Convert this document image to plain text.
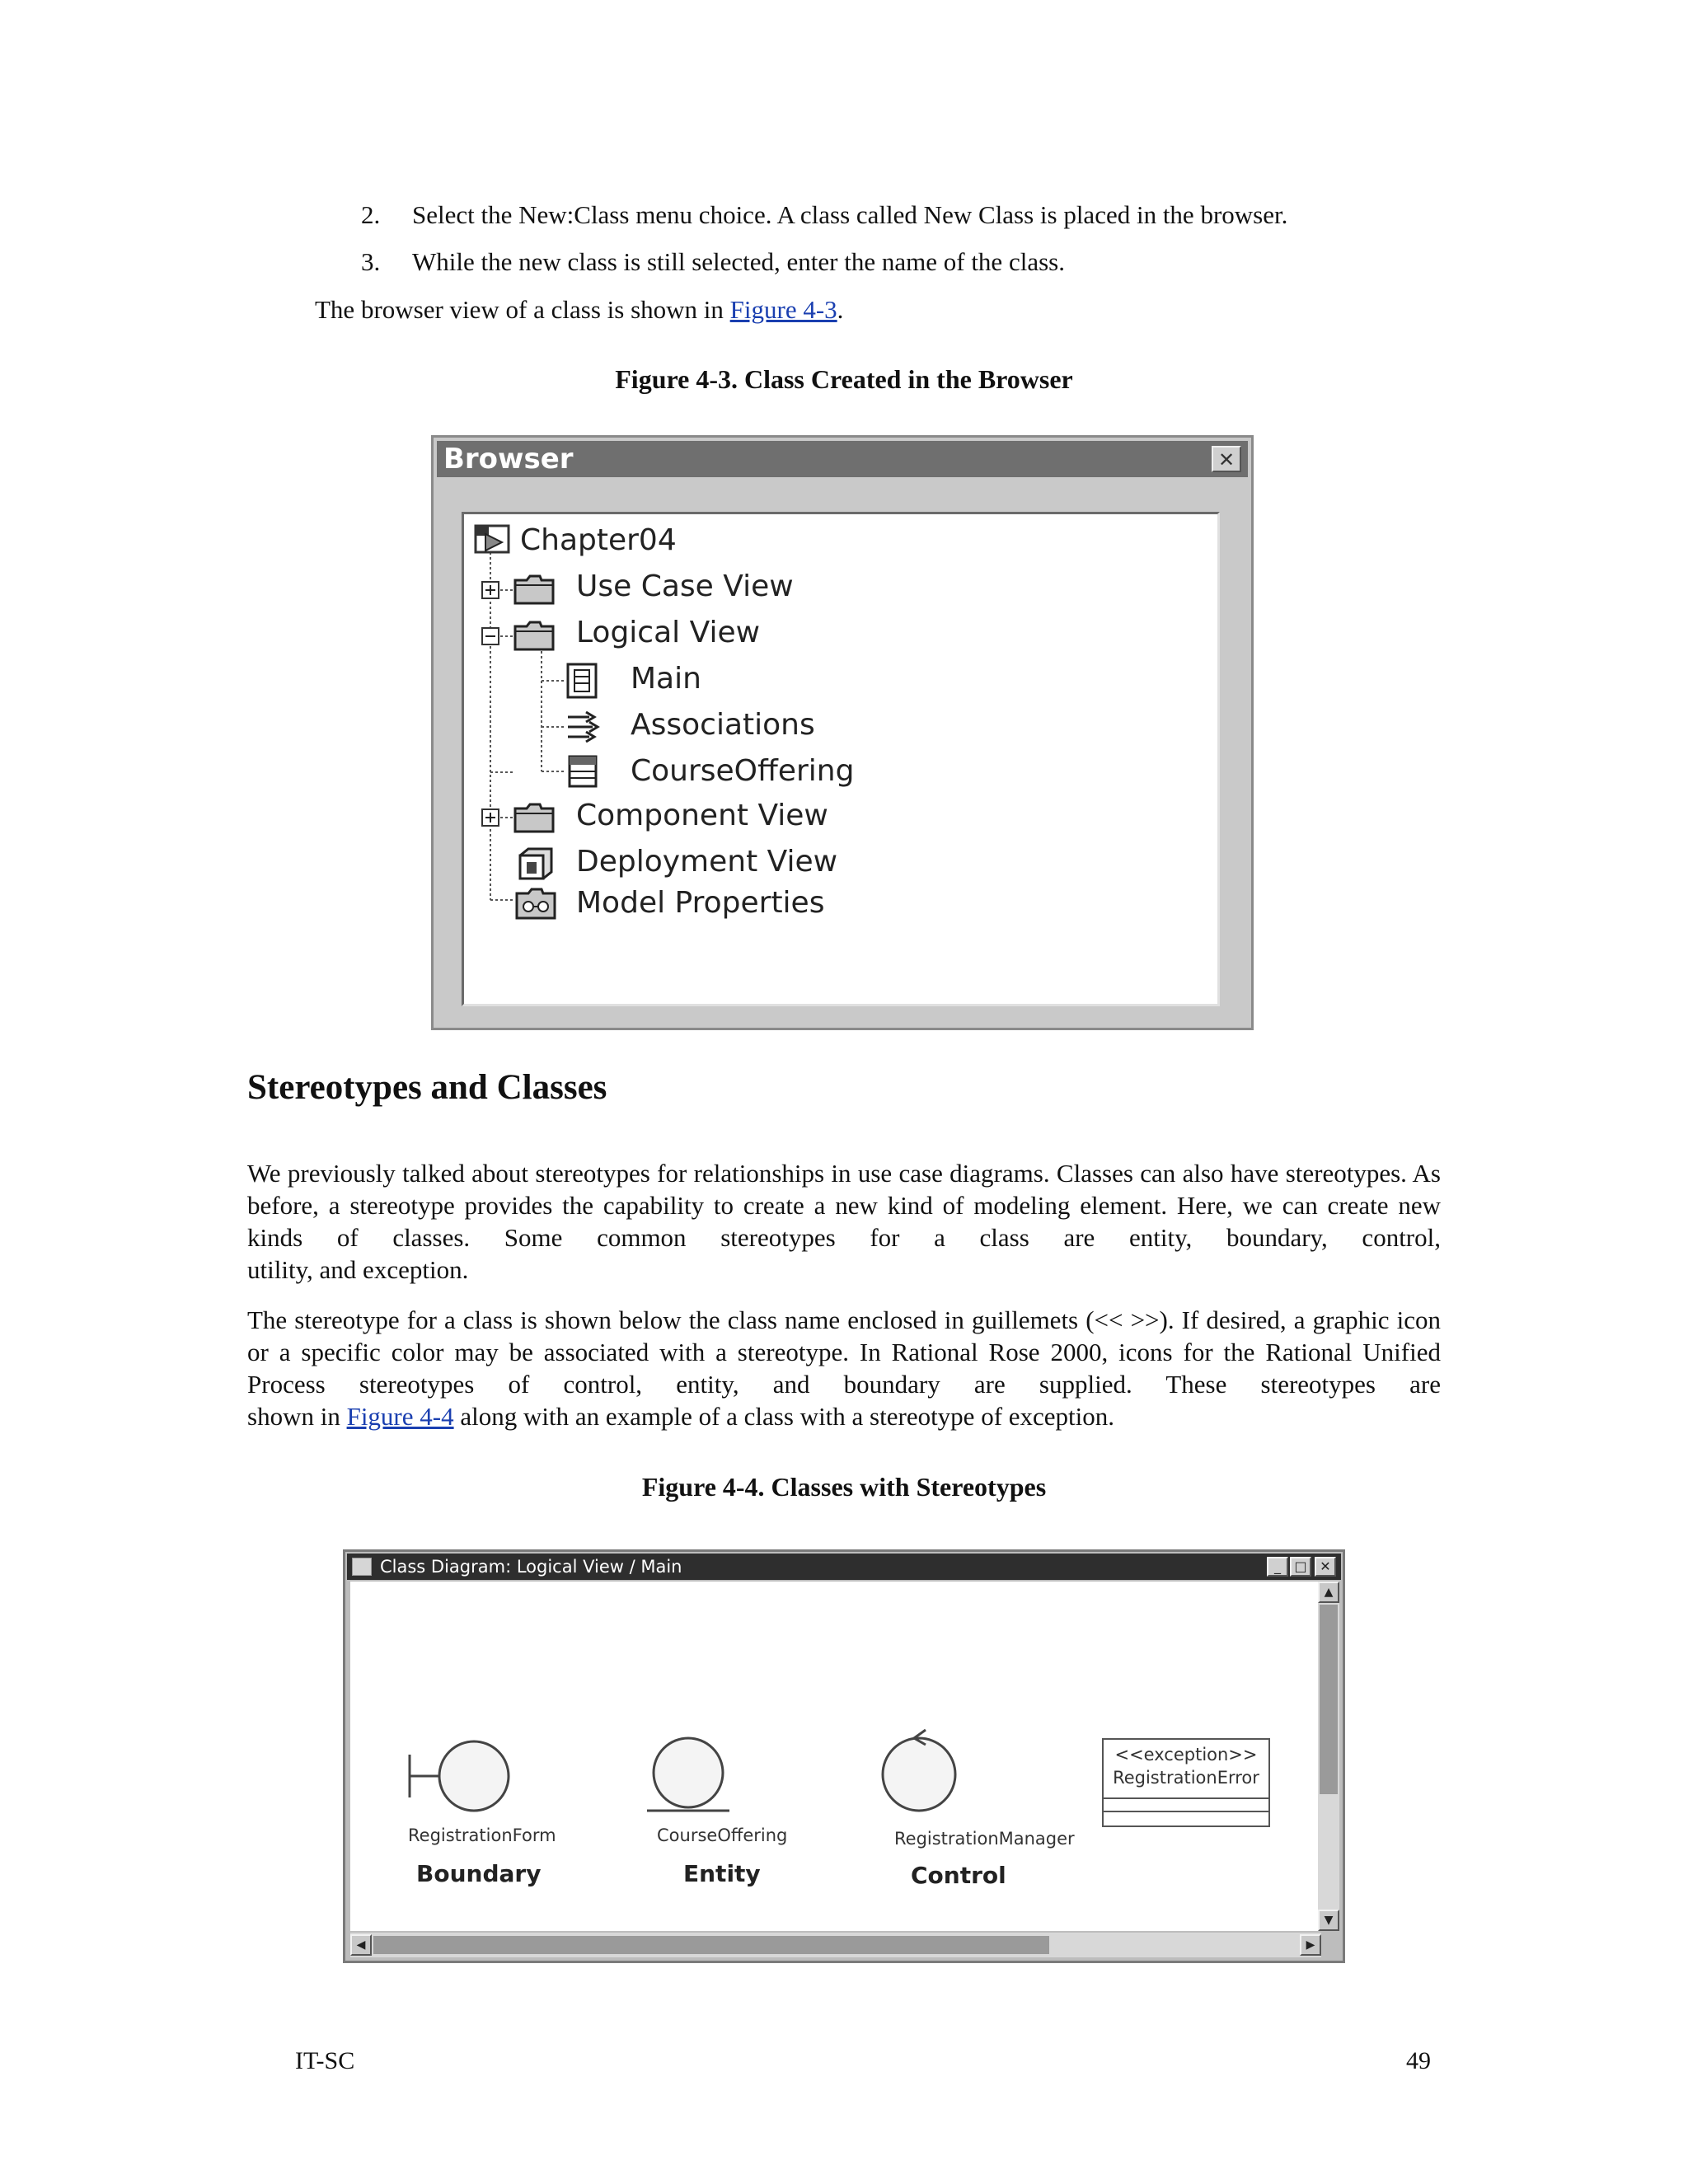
2. Select the New:Class menu choice. A class called New Class is placed in the browser.
3. While the new class is still selected, enter the name of the class.
The browser view of a class is shown in Figure 4-3.
Figure 4-3. Class Created in the Browser
Browser	✕
Chapter04
Use Case View
Logical View
Main
Associations
CourseOffering
Component View
Deployment View
Model Properties
Stereotypes and Classes
We previously talked about stereotypes for relationships in use case diagrams. Classes can also have stereotypes. As before, a stereotype provides the capability to create a new kind of modeling element. Here, we can create new kinds of classes. Some common stereotypes for a class are entity, boundary, control,
utility, and exception.
The stereotype for a class is shown below the class name enclosed in guillemets (<< >>). If desired, a graphic icon or a specific color may be associated with a stereotype. In Rational Rose 2000, icons for the Rational Unified Process stereotypes of control, entity, and boundary are supplied. These stereotypes are
shown in Figure 4-4 along with an example of a class with a stereotype of exception.
Figure 4-4. Classes with Stereotypes
Class Diagram: Logical View / Main	_	□ ✕
RegistrationForm
Boundary
CourseOffering
Entity
RegistrationManager
Control
<<exception>>
RegistrationError
▲
▼
◀	▶
IT-SC	49
